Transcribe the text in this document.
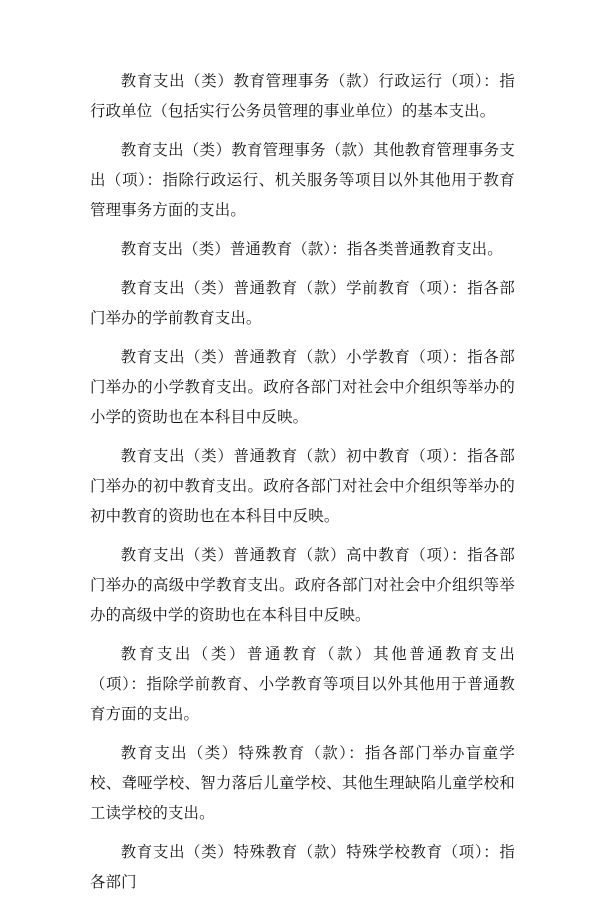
教育支出（类）教育管理事务（款）行政运行（项）：指行政单位（包括实行公务员管理的事业单位）的基本支出。

教育支出（类）教育管理事务（款）其他教育管理事务支出（项）：指除行政运行、机关服务等项目以外其他用于教育管理事务方面的支出。

教育支出（类）普通教育（款）：指各类普通教育支出。

教育支出（类）普通教育（款）学前教育（项）：指各部门举办的学前教育支出。

教育支出（类）普通教育（款）小学教育（项）：指各部门举办的小学教育支出。政府各部门对社会中介组织等举办的小学的资助也在本科目中反映。

教育支出（类）普通教育（款）初中教育（项）：指各部门举办的初中教育支出。政府各部门对社会中介组织等举办的初中教育的资助也在本科目中反映。

教育支出（类）普通教育（款）高中教育（项）：指各部门举办的高级中学教育支出。政府各部门对社会中介组织等举办的高级中学的资助也在本科目中反映。

教育支出（类）普通教育（款）其他普通教育支出（项）：指除学前教育、小学教育等项目以外其他用于普通教育方面的支出。

教育支出（类）特殊教育（款）：指各部门举办盲童学校、聋哑学校、智力落后儿童学校、其他生理缺陷儿童学校和工读学校的支出。

教育支出（类）特殊教育（款）特殊学校教育（项）：指各部门
